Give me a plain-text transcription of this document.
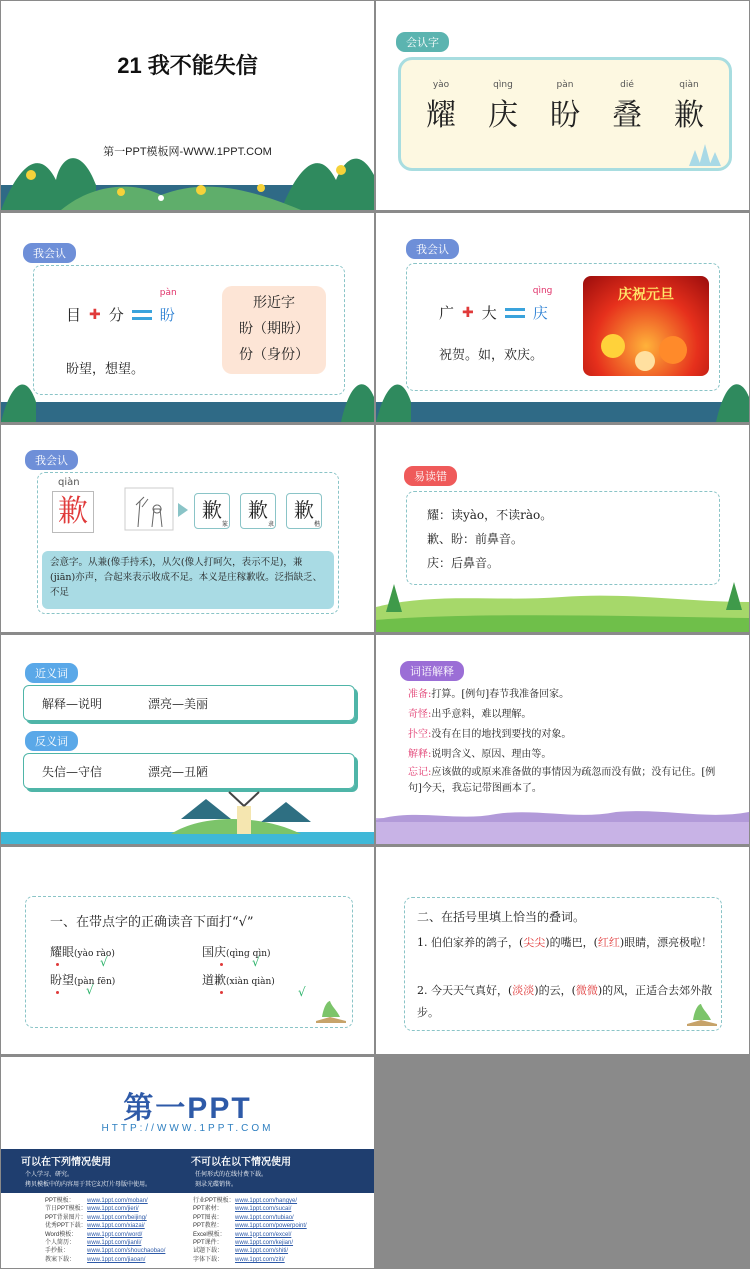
21 我不能失信
第一PPT模板网-WWW.1PPT.COM
会认字
yào
耀
qìng
庆
pàn
盼
dié
叠
qiàn
歉
我会认
目 ✚ 分
pàn
盼
盼望，想望。
形近字
盼（期盼）
份（身份）
我会认
广 ✚ 大
qìng
庆
祝贺。如，欢庆。
庆祝元旦
我会认
qiàn
歉	歉
篆
歉
隶
歉
楷
会意字。从兼(像手持禾)，从欠(像人打呵欠，表示不足)，兼(jiān)亦声，合起来表示收成不足。本义是庄稼歉收。泛指缺乏、不足
易读错
耀：读yào，不读rào。
歉、盼：前鼻音。
庆：后鼻音。
近义词
解释—说明	漂亮—美丽
反义词
失信—守信	漂亮—丑陋
词语解释
准备:打算。[例句]春节我准备回家。
奇怪:出乎意料，难以理解。
扑空:没有在目的地找到要找的对象。
解释:说明含义、原因、理由等。
忘记:应该做的或原来准备做的事情因为疏忽而没有做；没有记住。[例句]今天，我忘记带图画本了。
一、在带点字的正确读音下面打“√”
耀眼(yào rào)
√
国庆(qìng qìn)
√
盼望(pàn fēn)
√
道歉(xiàn qiàn)
√
二、在括号里填上恰当的叠词。
1. 伯伯家养的鸽子，(尖尖)的嘴巴，(红红)眼睛，漂亮极啦！
2. 今天天气真好，(淡淡)的云，(微微)的风，正适合去郊外散步。
第一PPT
HTTP://WWW.1PPT.COM
可以在下列情况使用
个人学习、研究。
拷贝模板中的内容用于其它幻灯片母版中使用。
不可以在以下情况使用
任何形式的在线付费下载。
刻录光碟销售。
PPT模板： www.1ppt.com/moban/
节日PPT模板：www.1ppt.com/jieri/
PPT背景图片：www.1ppt.com/beijing/
优秀PPT下载：www.1ppt.com/xiazai/
Word模板： www.1ppt.com/word/
个人简历： www.1ppt.com/jianli/
手抄报：	www.1ppt.com/shouchaobao/
教案下载： www.1ppt.com/jiaoan/
行业PPT模板：www.1ppt.com/hangye/
PPT素材： www.1ppt.com/sucai/
PPT图表： www.1ppt.com/tubiao/
PPT教程： www.1ppt.com/powerpoint/
Excel模板： www.1ppt.com/excel/
PPT课件： www.1ppt.com/kejian/
试题下载： www.1ppt.com/shiti/
字体下载： www.1ppt.com/ziti/
